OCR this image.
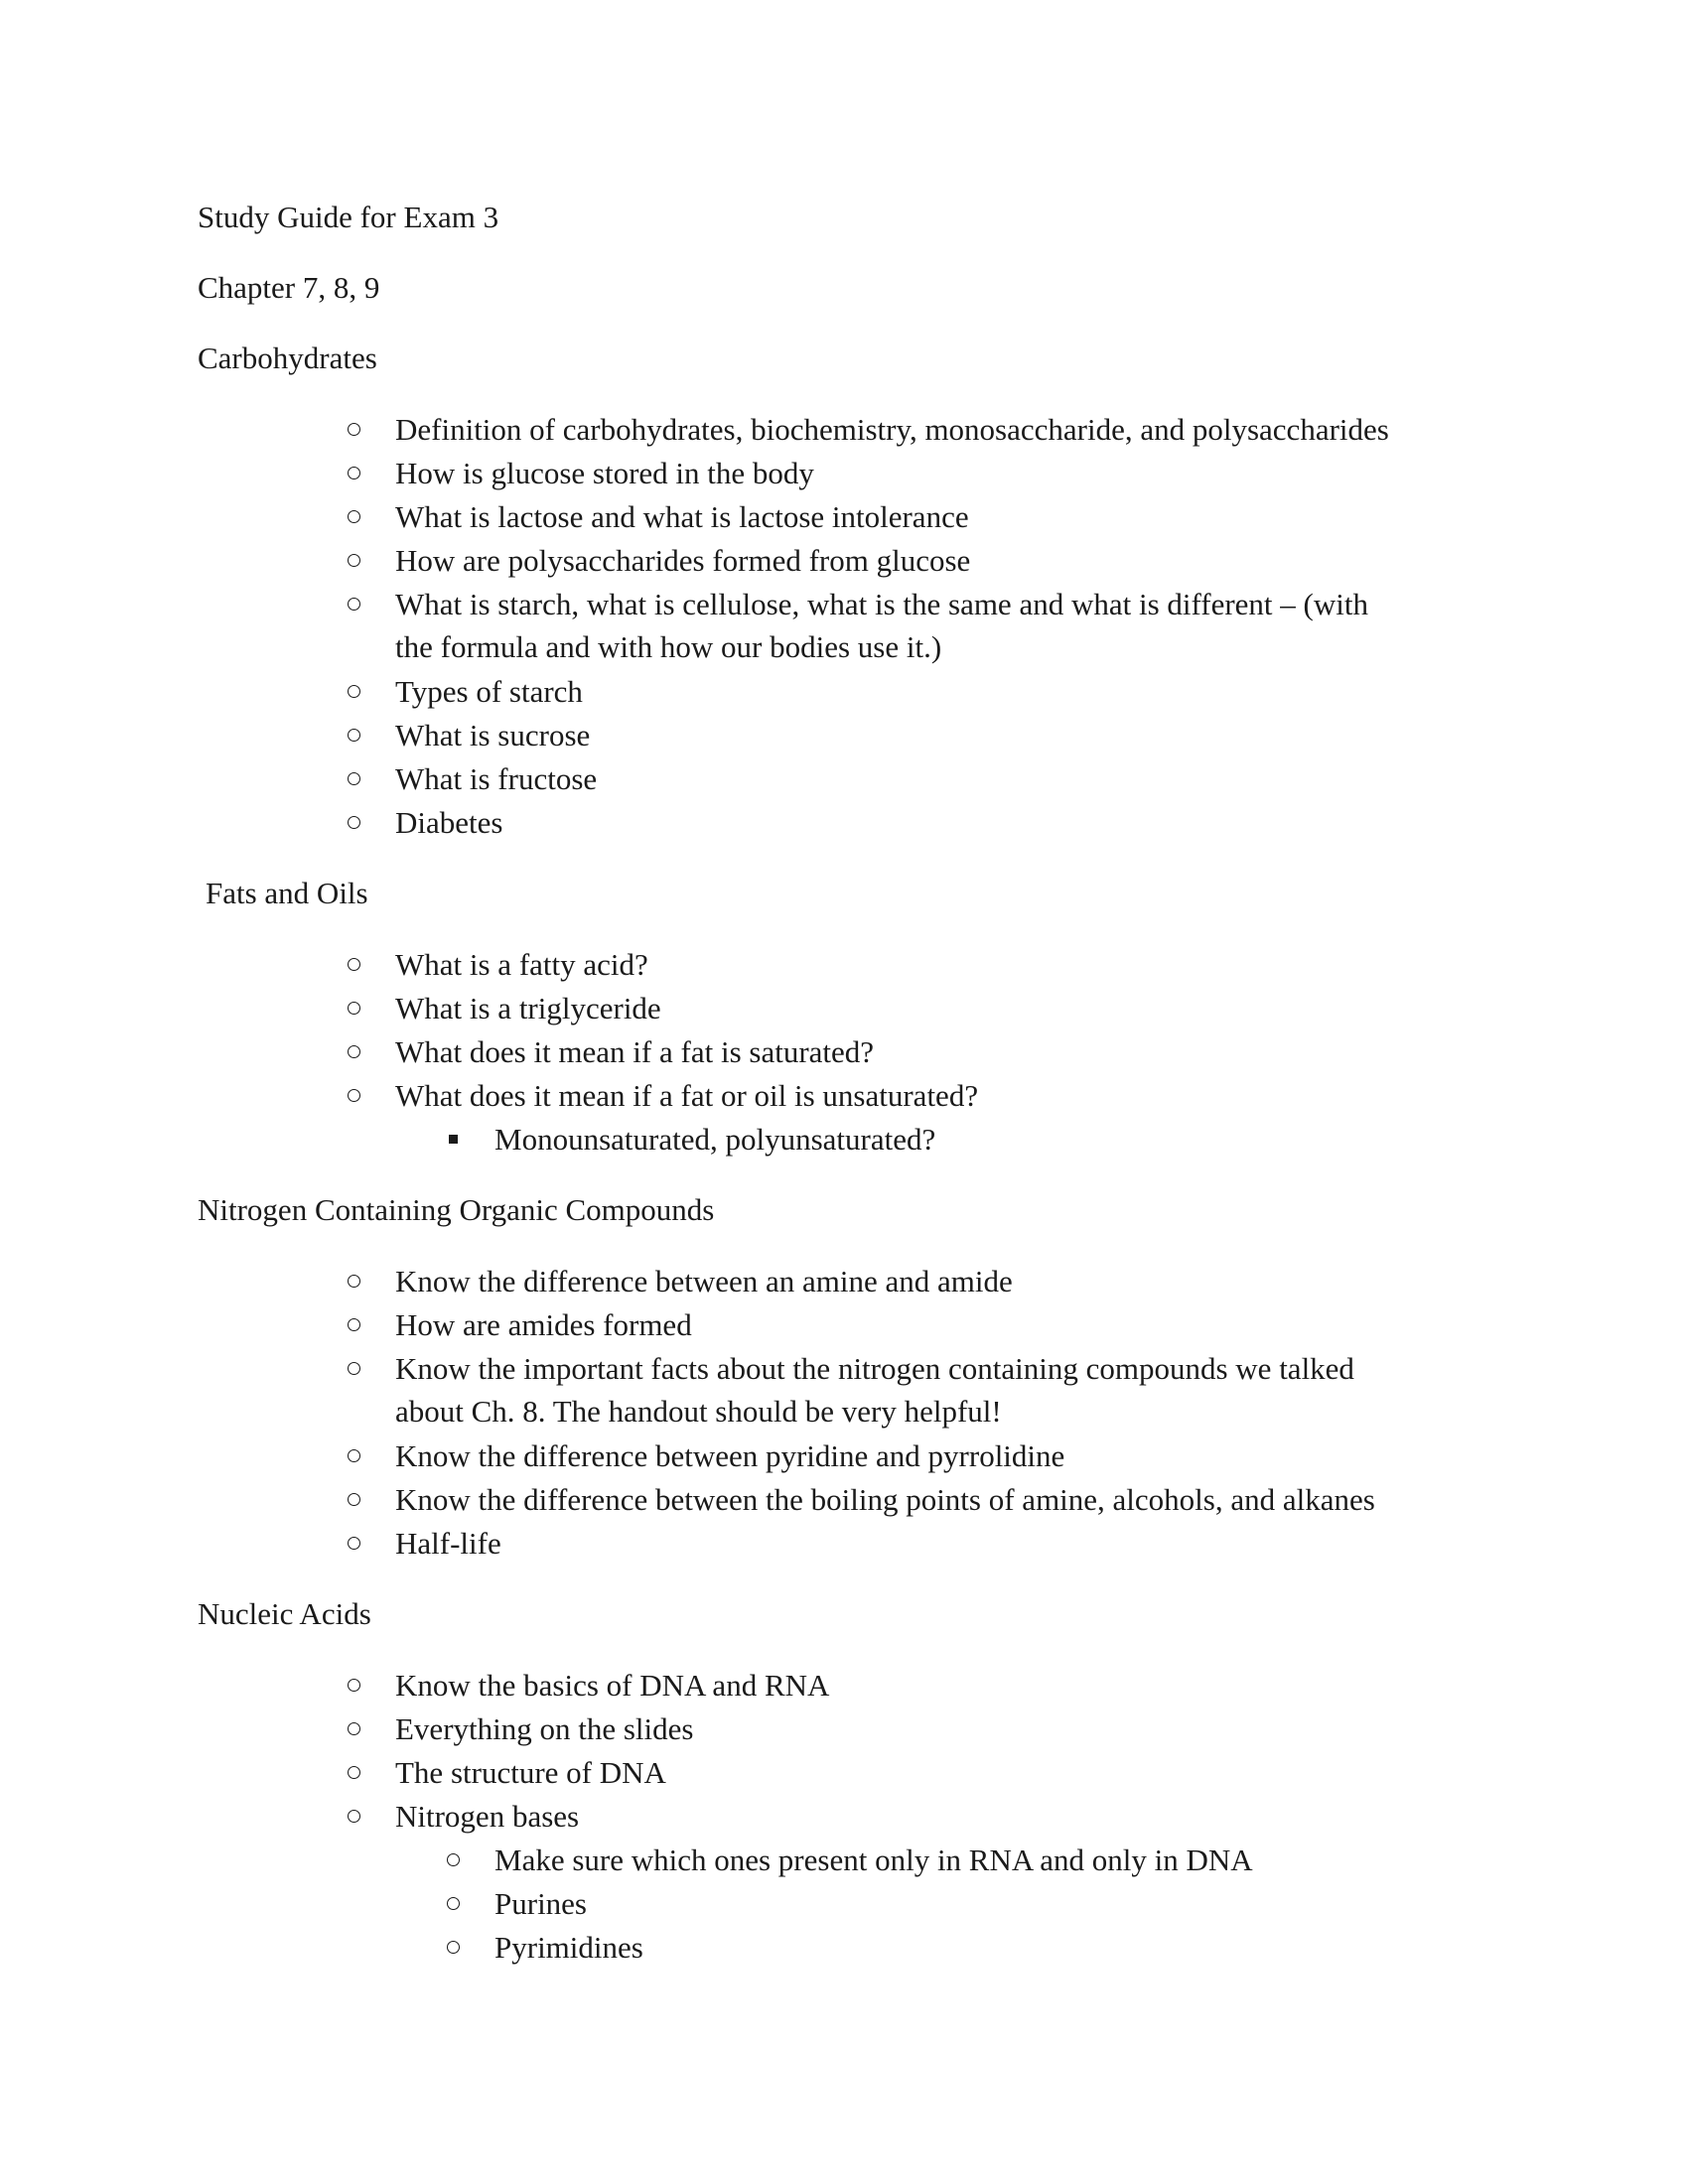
Study Guide for Exam 3
Chapter 7, 8, 9
Carbohydrates
Definition of carbohydrates, biochemistry, monosaccharide, and polysaccharides
How is glucose stored in the body
What is lactose and what is lactose intolerance
How are polysaccharides formed from glucose
What is starch, what is cellulose, what is the same and what is different – (with
the formula and with how our bodies use it.)
Types of starch
What is sucrose
What is fructose
Diabetes
Fats and Oils
What is a fatty acid?
What is a triglyceride
What does it mean if a fat is saturated?
What does it mean if a fat or oil is unsaturated?
Monounsaturated, polyunsaturated?
Nitrogen Containing Organic Compounds
Know the difference between an amine and amide
How are amides formed
Know the important facts about the nitrogen containing compounds we talked
about Ch. 8. The handout should be very helpful!
Know the difference between pyridine and pyrrolidine
Know the difference between the boiling points of amine, alcohols, and alkanes
Half-life
Nucleic Acids
Know the basics of DNA and RNA
Everything on the slides
The structure of DNA
Nitrogen bases
Make sure which ones present only in RNA and only in DNA
Purines
Pyrimidines
